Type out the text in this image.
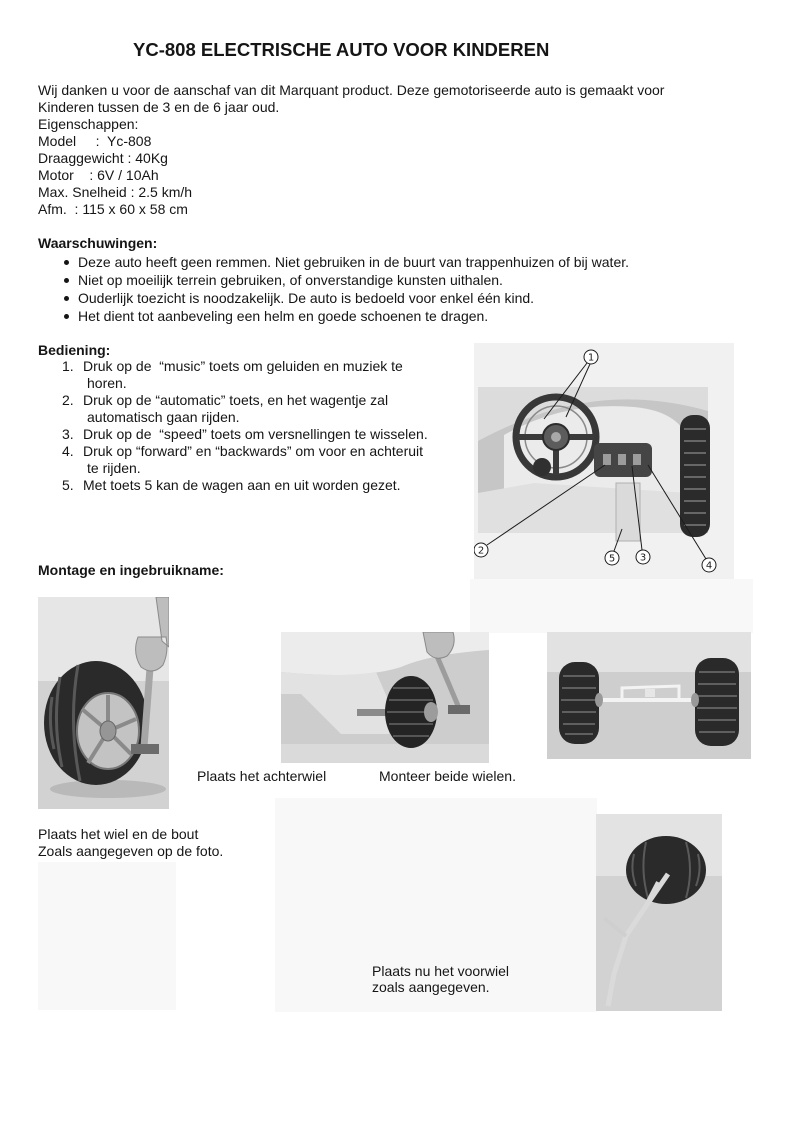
YC-808 ELECTRISCHE AUTO VOOR KINDEREN
Wij danken u voor de aanschaf van dit Marquant product. Deze gemotoriseerde auto is gemaakt voor
Kinderen tussen de 3 en de 6 jaar oud.
Eigenschappen:
Model     :  Yc-808
Draaggewicht : 40Kg
Motor    : 6V / 10Ah
Max. Snelheid : 2.5 km/h
Afm.  : 115 x 60 x 58 cm
Waarschuwingen:
Deze auto heeft geen remmen. Niet gebruiken in de buurt van trappenhuizen of bij water.
Niet op moeilijk terrein gebruiken, of onverstandige kunsten uithalen.
Ouderlijk toezicht is noodzakelijk. De auto is bedoeld voor enkel één kind.
Het dient tot aanbeveling een helm en goede schoenen te dragen.
Bediening:
1. Druk op de  “music” toets om geluiden en muziek te
horen.
2. Druk op de “automatic” toets, en het wagentje zal
automatisch gaan rijden.
3. Druk op de  “speed” toets om versnellingen te wisselen.
4. Druk op “forward” en “backwards” om voor en achteruit
te rijden.
5. Met toets 5 kan de wagen aan en uit worden gezet.
1
2
3
4
5
Montage en ingebruikname:
Plaats het achterwiel	Monteer beide wielen.
Plaats het wiel en de bout
Zoals aangegeven op de foto.
Plaats nu het voorwiel
zoals aangegeven.
